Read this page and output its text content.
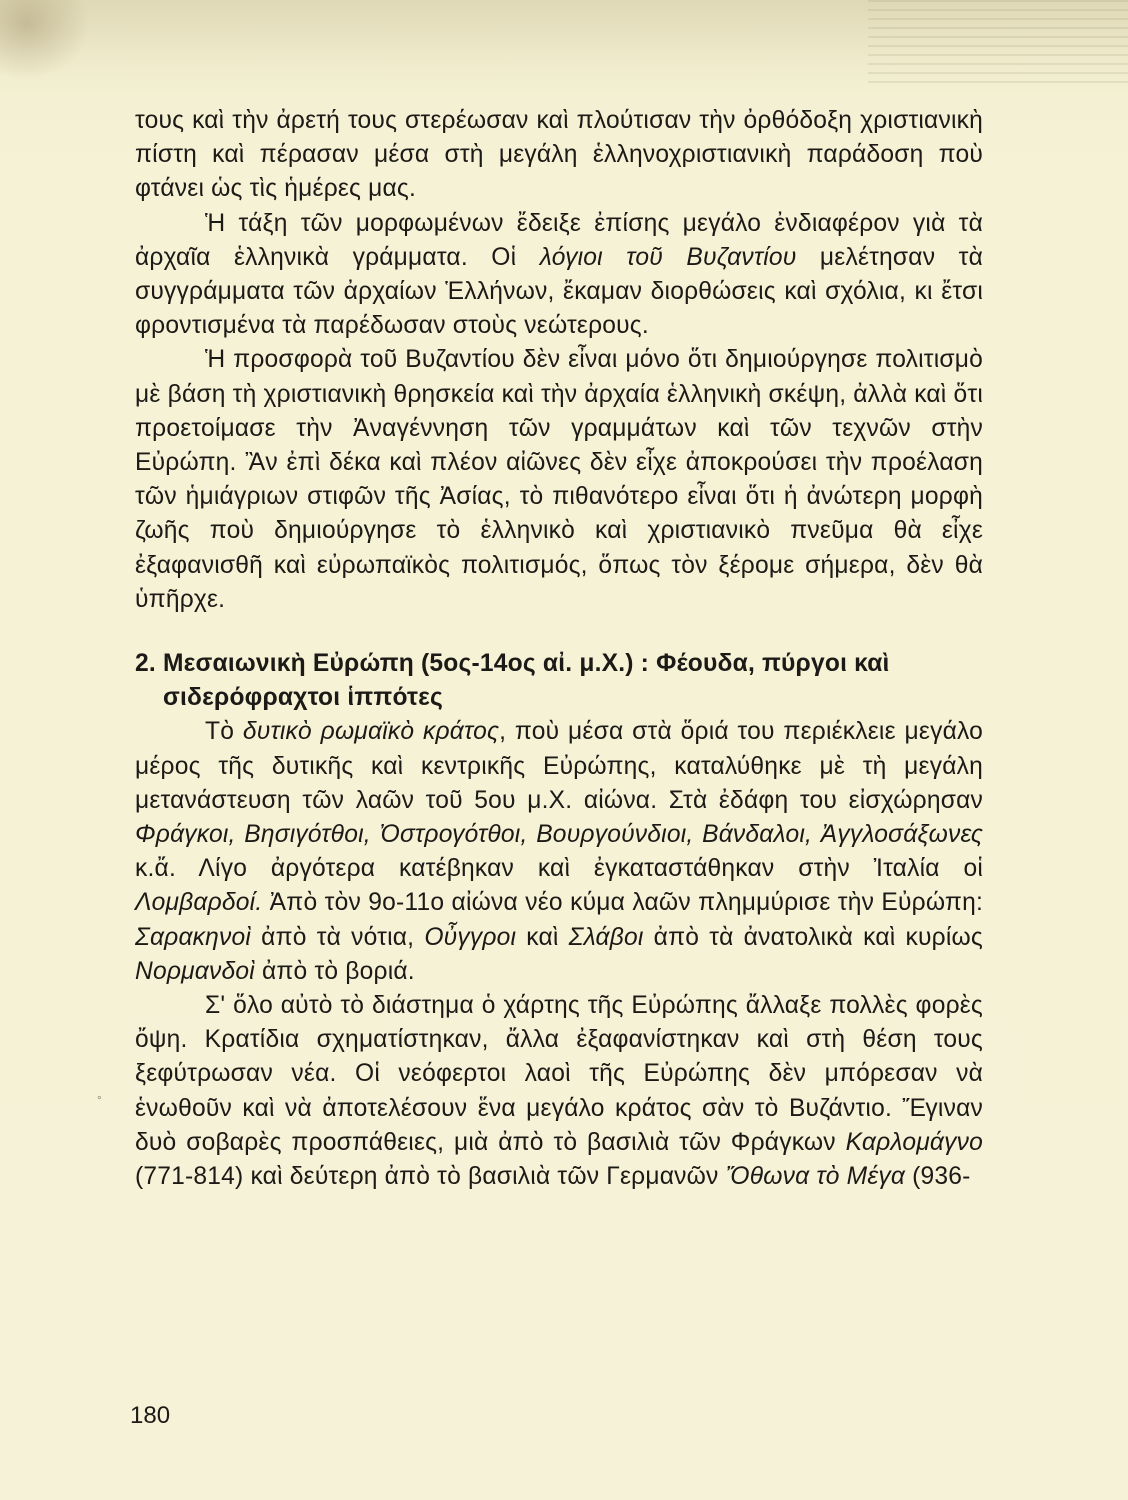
τους καὶ τὴν ἀρετή τους στερέωσαν καὶ πλούτισαν τὴν ὀρθόδοξη χριστιανικὴ πίστη καὶ πέρασαν μέσα στὴ μεγάλη ἑλληνοχριστιανικὴ παράδοση ποὺ φτάνει ὡς τὶς ἡμέρες μας.

Ἡ τάξη τῶν μορφωμένων ἔδειξε ἐπίσης μεγάλο ἐνδιαφέρον γιὰ τὰ ἀρχαῖα ἑλληνικὰ γράμματα. Οἱ λόγιοι τοῦ Βυζαντίου μελέτησαν τὰ συγγράμματα τῶν ἀρχαίων Ἑλλήνων, ἔκαμαν διορθώσεις καὶ σχόλια, κι ἔτσι φροντισμένα τὰ παρέδωσαν στοὺς νεώτερους.

Ἡ προσφορὰ τοῦ Βυζαντίου δὲν εἶναι μόνο ὅτι δημιούργησε πολιτισμὸ μὲ βάση τὴ χριστιανικὴ θρησκεία καὶ τὴν ἀρχαία ἑλληνικὴ σκέψη, ἀλλὰ καὶ ὅτι προετοίμασε τὴν Ἀναγέννηση τῶν γραμμάτων καὶ τῶν τεχνῶν στὴν Εὐρώπη. Ἂν ἐπὶ δέκα καὶ πλέον αἰῶνες δὲν εἶχε ἀποκρούσει τὴν προέλαση τῶν ἡμιάγριων στιφῶν τῆς Ἀσίας, τὸ πιθανότερο εἶναι ὅτι ἡ ἀνώτερη μορφὴ ζωῆς ποὺ δημιούργησε τὸ ἑλληνικὸ καὶ χριστιανικὸ πνεῦμα θὰ εἶχε ἐξαφανισθῆ καὶ εὐρωπαϊκὸς πολιτισμός, ὅπως τὸν ξέρομε σήμερα, δὲν θὰ ὑπῆρχε.

2. Μεσαιωνικὴ Εὐρώπη (5ος-14ος αἰ. μ.Χ.) : Φέουδα, πύργοι καὶ σιδερόφραχτοι ἱππότες

Τὸ δυτικὸ ρωμαϊκὸ κράτος, ποὺ μέσα στὰ ὅριά του περιέκλειε μεγάλο μέρος τῆς δυτικῆς καὶ κεντρικῆς Εὐρώπης, καταλύθηκε μὲ τὴ μεγάλη μετανάστευση τῶν λαῶν τοῦ 5ου μ.Χ. αἰώνα. Στὰ ἐδάφη του εἰσχώρησαν Φράγκοι, Βησιγότθοι, Ὀστρογότθοι, Βουργούνδιοι, Βάνδαλοι, Ἀγγλοσάξωνες κ.ἄ. Λίγο ἀργότερα κατέβηκαν καὶ ἐγκαταστάθηκαν στὴν Ἰταλία οἱ Λομβαρδοί. Ἀπὸ τὸν 9ο-11ο αἰώνα νέο κύμα λαῶν πλημμύρισε τὴν Εὐρώπη: Σαρακηνοὶ ἀπὸ τὰ νότια, Οὖγγροι καὶ Σλάβοι ἀπὸ τὰ ἀνατολικὰ καὶ κυρίως Νορμανδοὶ ἀπὸ τὸ βοριά.

Σ' ὅλο αὐτὸ τὸ διάστημα ὁ χάρτης τῆς Εὐρώπης ἄλλαξε πολλὲς φορὲς ὄψη. Κρατίδια σχηματίστηκαν, ἄλλα ἐξαφανίστηκαν καὶ στὴ θέση τους ξεφύτρωσαν νέα. Οἱ νεόφερτοι λαοὶ τῆς Εὐρώπης δὲν μπόρεσαν νὰ ἑνωθοῦν καὶ νὰ ἀποτελέσουν ἕνα μεγάλο κράτος σὰν τὸ Βυζάντιο. Ἔγιναν δυὸ σοβαρὲς προσπάθειες, μιὰ ἀπὸ τὸ βασιλιὰ τῶν Φράγκων Καρλομάγνο (771-814) καὶ δεύτερη ἀπὸ τὸ βασιλιὰ τῶν Γερμανῶν Ὄθωνα τὸ Μέγα (936-

°
180
